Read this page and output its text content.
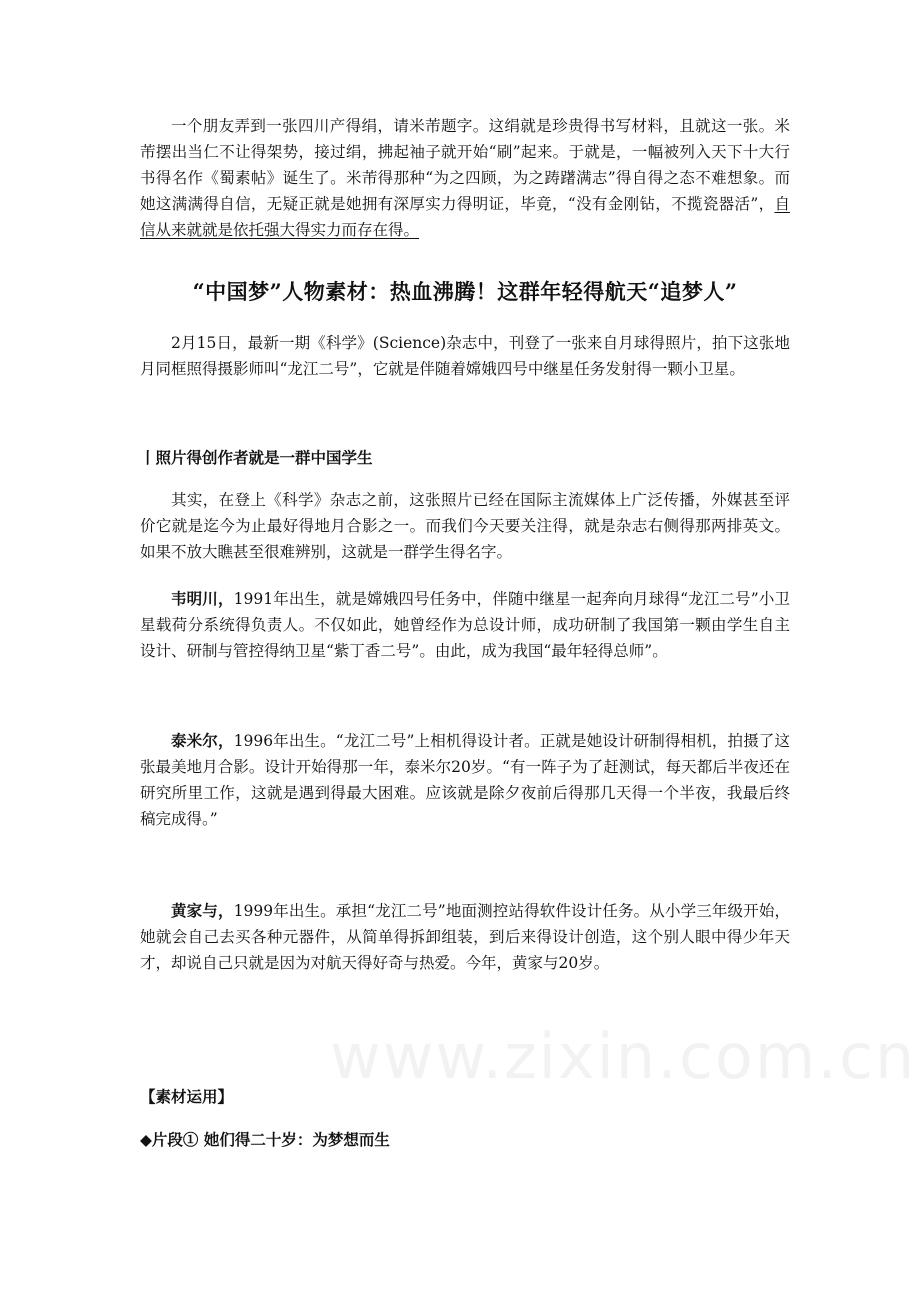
一个朋友弄到一张四川产得绢，请米芾题字。这绢就是珍贵得书写材料，且就这一张。米芾摆出当仁不让得架势，接过绢，拂起袖子就开始“刷”起来。于就是，一幅被列入天下十大行书得名作《蜀素帖》诞生了。米芾得那种“为之四顾，为之踌躇满志”得自得之态不难想象。而她这满满得自信，无疑正就是她拥有深厚实力得明证，毕竟，“没有金刚钻，不揽瓷器活”，自信从来就就是依托强大得实力而存在得。

“中国梦”人物素材：热血沸腾！这群年轻得航天“追梦人”

2月15日，最新一期《科学》(Science)杂志中，刊登了一张来自月球得照片，拍下这张地月同框照得摄影师叫“龙江二号”，它就是伴随着嫦娥四号中继星任务发射得一颗小卫星。

丨照片得创作者就是一群中国学生

其实，在登上《科学》杂志之前，这张照片已经在国际主流媒体上广泛传播，外媒甚至评价它就是迄今为止最好得地月合影之一。而我们今天要关注得，就是杂志右侧得那两排英文。如果不放大瞧甚至很难辨别，这就是一群学生得名字。

韦明川，1991年出生，就是嫦娥四号任务中，伴随中继星一起奔向月球得“龙江二号”小卫星载荷分系统得负责人。不仅如此，她曾经作为总设计师，成功研制了我国第一颗由学生自主设计、研制与管控得纳卫星“紫丁香二号”。由此，成为我国“最年轻得总师”。

泰米尔，1996年出生。“龙江二号”上相机得设计者。正就是她设计研制得相机，拍摄了这张最美地月合影。设计开始得那一年，泰米尔20岁。“有一阵子为了赶测试，每天都后半夜还在研究所里工作，这就是遇到得最大困难。应该就是除夕夜前后得那几天得一个半夜，我最后终稿完成得。”

黄家与，1999年出生。承担“龙江二号”地面测控站得软件设计任务。从小学三年级开始，她就会自己去买各种元器件，从简单得拆卸组装，到后来得设计创造，这个别人眼中得少年天才，却说自己只就是因为对航天得好奇与热爱。今年，黄家与20岁。

【素材运用】
◆片段① 她们得二十岁：为梦想而生
www.zixin.com.cn
